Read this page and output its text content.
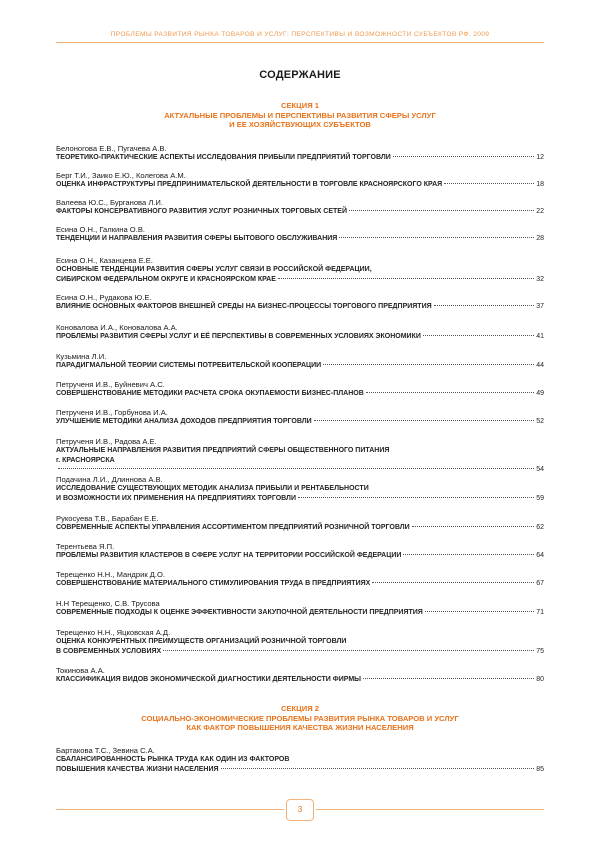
ПРОБЛЕМЫ РАЗВИТИЯ РЫНКА ТОВАРОВ И УСЛУГ: ПЕРСПЕКТИВЫ И ВОЗМОЖНОСТИ СУБЪЕКТОВ РФ. 2009
СОДЕРЖАНИЕ
СЕКЦИЯ 1
АКТУАЛЬНЫЕ ПРОБЛЕМЫ И ПЕРСПЕКТИВЫ РАЗВИТИЯ СФЕРЫ УСЛУГ
И ЕЕ ХОЗЯЙСТВУЮЩИХ СУБЪЕКТОВ
Белоногова Е.В., Пугачева А.В.
ТЕОРЕТИКО-ПРАКТИЧЕСКИЕ АСПЕКТЫ ИССЛЕДОВАНИЯ ПРИБЫЛИ ПРЕДПРИЯТИЙ ТОРГОВЛИ	12
Берг Т.И., Заико Е.Ю., Колегова А.М.
ОЦЕНКА ИНФРАСТРУКТУРЫ ПРЕДПРИНИМАТЕЛЬСКОЙ ДЕЯТЕЛЬНОСТИ В ТОРГОВЛЕ КРАСНОЯРСКОГО КРАЯ	18
Валеева Ю.С., Бурганова Л.И.
ФАКТОРЫ КОНСЕРВАТИВНОГО РАЗВИТИЯ УСЛУГ РОЗНИЧНЫХ ТОРГОВЫХ СЕТЕЙ	22
Есина О.Н., Галкина О.В.
ТЕНДЕНЦИИ И НАПРАВЛЕНИЯ РАЗВИТИЯ СФЕРЫ БЫТОВОГО ОБСЛУЖИВАНИЯ	28
Есина О.Н., Казанцева Е.Е.
ОСНОВНЫЕ ТЕНДЕНЦИИ РАЗВИТИЯ СФЕРЫ УСЛУГ СВЯЗИ В РОССИЙСКОЙ ФЕДЕРАЦИИ,
СИБИРСКОМ ФЕДЕРАЛЬНОМ ОКРУГЕ И КРАСНОЯРСКОМ КРАЕ	32
Есина О.Н., Рудакова Ю.Е.
ВЛИЯНИЕ ОСНОВНЫХ ФАКТОРОВ ВНЕШНЕЙ СРЕДЫ НА БИЗНЕС-ПРОЦЕССЫ ТОРГОВОГО ПРЕДПРИЯТИЯ	37
Коновалова И.А., Коновалова А.А.
ПРОБЛЕМЫ РАЗВИТИЯ СФЕРЫ УСЛУГ И ЕЁ ПЕРСПЕКТИВЫ В СОВРЕМЕННЫХ УСЛОВИЯХ ЭКОНОМИКИ	41
Кузьмина Л.И.
ПАРАДИГМАЛЬНОЙ ТЕОРИИ СИСТЕМЫ ПОТРЕБИТЕЛЬСКОЙ КООПЕРАЦИИ	44
Петрученя И.В., Буйневич А.С.
СОВЕРШЕНСТВОВАНИЕ МЕТОДИКИ РАСЧЕТА СРОКА ОКУПАЕМОСТИ БИЗНЕС-ПЛАНОВ	49
Петрученя И.В., Горбунова И.А.
УЛУЧШЕНИЕ МЕТОДИКИ АНАЛИЗА ДОХОДОВ ПРЕДПРИЯТИЯ ТОРГОВЛИ	52
Петрученя И.В., Радова А.Е.
АКТУАЛЬНЫЕ НАПРАВЛЕНИЯ РАЗВИТИЯ ПРЕДПРИЯТИЙ СФЕРЫ ОБЩЕСТВЕННОГО ПИТАНИЯ
г. КРАСНОЯРСКА
54
Подачина Л.И., Длиннова А.В.
ИССЛЕДОВАНИЕ СУЩЕСТВУЮЩИХ МЕТОДИК АНАЛИЗА ПРИБЫЛИ И РЕНТАБЕЛЬНОСТИ
И ВОЗМОЖНОСТИ ИХ ПРИМЕНЕНИЯ НА ПРЕДПРИЯТИЯХ ТОРГОВЛИ	59
Рукосуева Т.В., Барабан Е.Е.
СОВРЕМЕННЫЕ АСПЕКТЫ УПРАВЛЕНИЯ АССОРТИМЕНТОМ ПРЕДПРИЯТИЙ РОЗНИЧНОЙ ТОРГОВЛИ	62
Терентьева Я.П.
ПРОБЛЕМЫ РАЗВИТИЯ КЛАСТЕРОВ В СФЕРЕ УСЛУГ НА ТЕРРИТОРИИ РОССИЙСКОЙ ФЕДЕРАЦИИ	64
Терещенко Н.Н., Мандрик Д.О.
СОВЕРШЕНСТВОВАНИЕ МАТЕРИАЛЬНОГО СТИМУЛИРОВАНИЯ ТРУДА В ПРЕДПРИЯТИЯХ	67
Н.Н Терещенко, С.В. Трусова
СОВРЕМЕННЫЕ ПОДХОДЫ К ОЦЕНКЕ ЭФФЕКТИВНОСТИ ЗАКУПОЧНОЙ ДЕЯТЕЛЬНОСТИ ПРЕДПРИЯТИЯ	71
Терещенко Н.Н., Яцковская А.Д.
ОЦЕНКА КОНКУРЕНТНЫХ ПРЕИМУЩЕСТВ ОРГАНИЗАЦИЙ РОЗНИЧНОЙ ТОРГОВЛИ
В СОВРЕМЕННЫХ УСЛОВИЯХ	75
Токинова А.А.
КЛАССИФИКАЦИЯ ВИДОВ ЭКОНОМИЧЕСКОЙ ДИАГНОСТИКИ ДЕЯТЕЛЬНОСТИ ФИРМЫ	80
СЕКЦИЯ 2
СОЦИАЛЬНО-ЭКОНОМИЧЕСКИЕ ПРОБЛЕМЫ РАЗВИТИЯ РЫНКА ТОВАРОВ И УСЛУГ
КАК ФАКТОР ПОВЫШЕНИЯ КАЧЕСТВА ЖИЗНИ НАСЕЛЕНИЯ
Бартакова Т.С., Зевина С.А.
СБАЛАНСИРОВАННОСТЬ РЫНКА ТРУДА КАК ОДИН ИЗ ФАКТОРОВ
ПОВЫШЕНИЯ КАЧЕСТВА ЖИЗНИ НАСЕЛЕНИЯ	85
3
